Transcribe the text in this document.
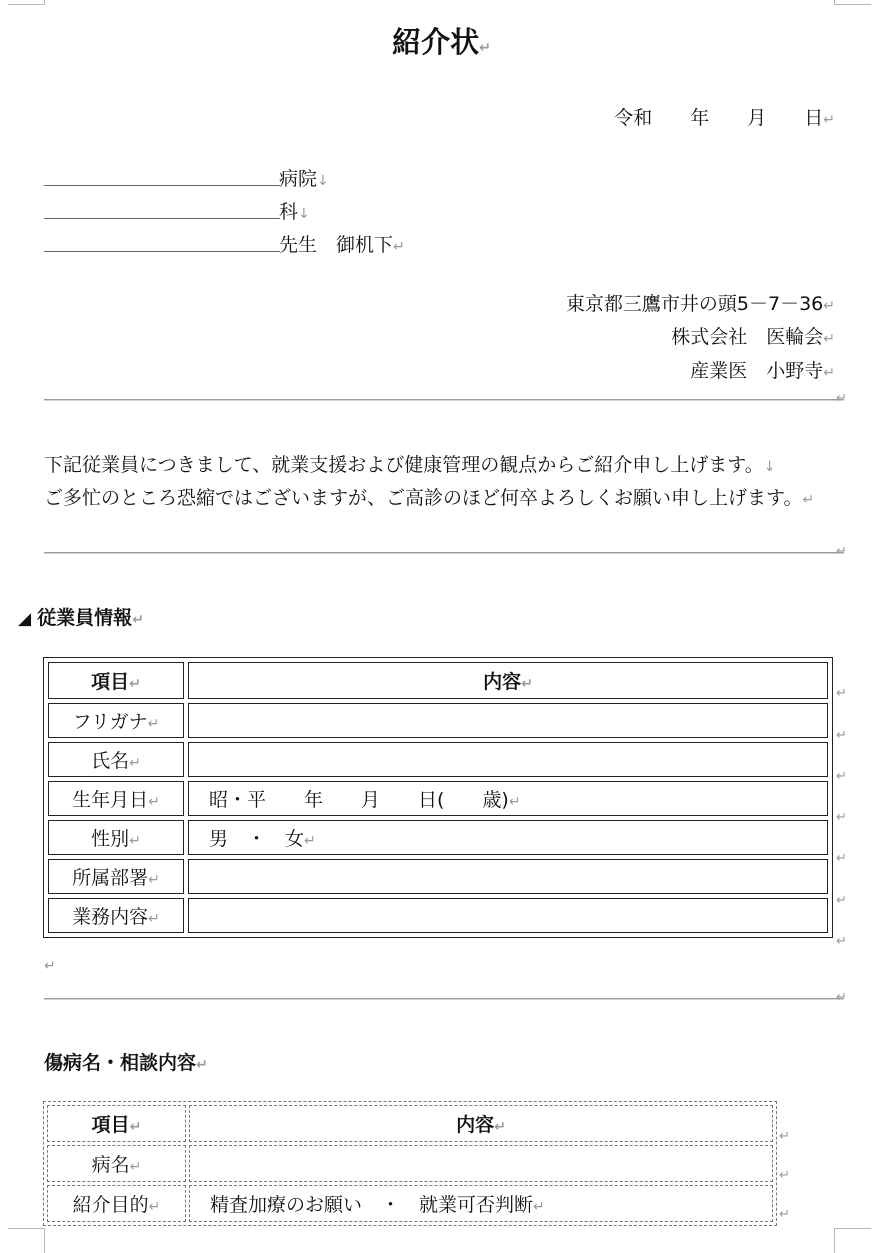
紹介状↵
令和　　年　　月　　日↵
病院↓
科↓
先生　御机下↵
東京都三鷹市井の頭5－7－36↵
株式会社　医輪会↵
産業医　小野寺↵
↵
下記従業員につきまして、就業支援および健康管理の観点からご紹介申し上げます。↓
ご多忙のところ恐縮ではございますが、ご高診のほど何卒よろしくお願い申し上げます。↵
↵
◢ 従業員情報↵
項目↵	内容↵
フリガナ↵	
氏名↵	
生年月日↵	昭・平　　年　　月　　日(　　歳)↵
性別↵	男　・　女↵
所属部署↵	
業務内容↵	
↵
↵
↵
↵
↵
↵
↵
↵
↵
傷病名・相談内容↵
項目↵	内容↵
病名↵	
紹介目的↵	精査加療のお願い　・　就業可否判断↵
↵
↵
↵
